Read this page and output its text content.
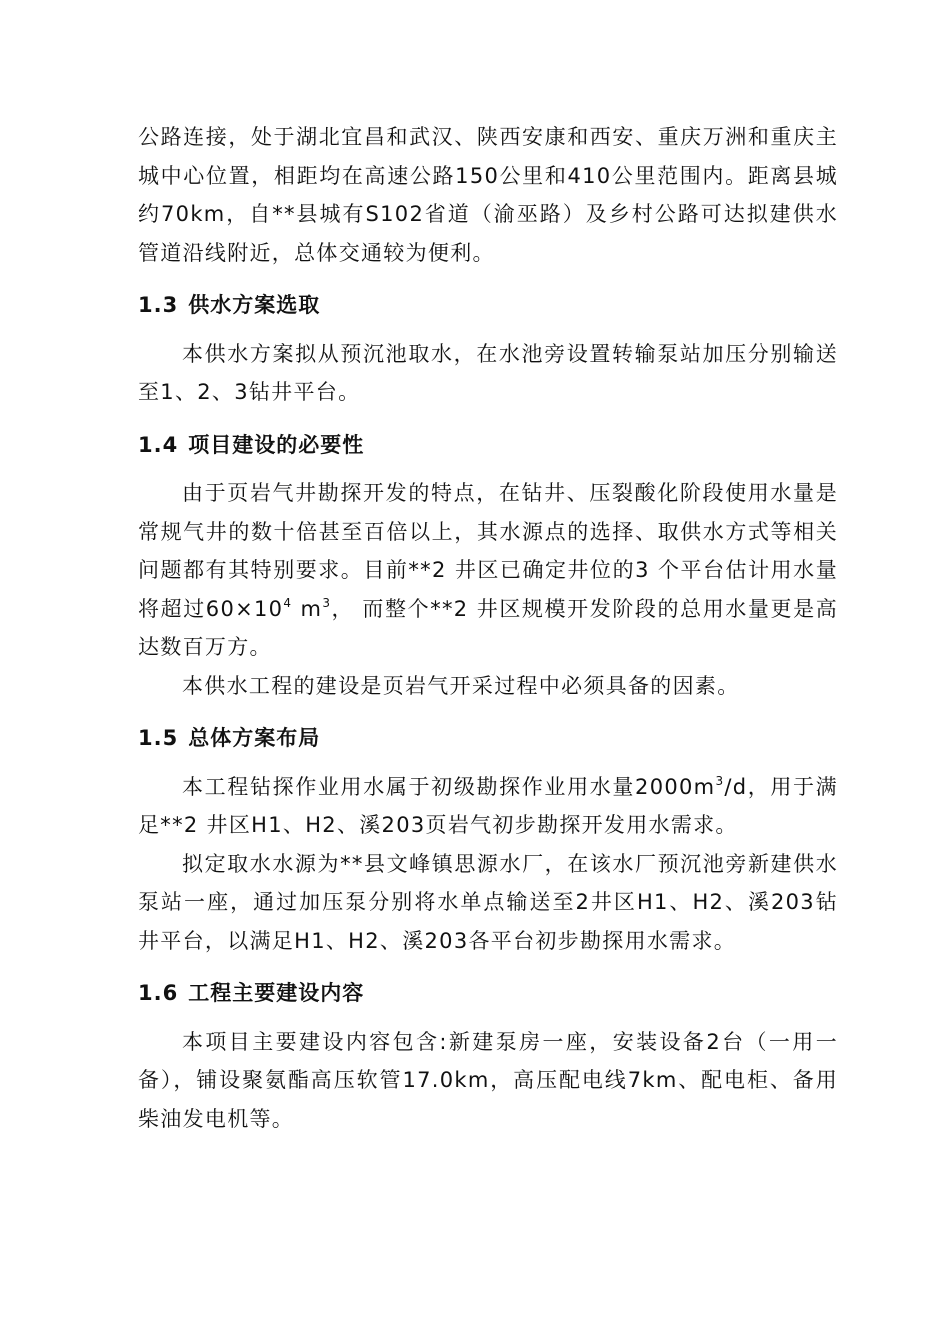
公路连接，处于湖北宜昌和武汉、陕西安康和西安、重庆万洲和重庆主城中心位置，相距均在高速公路150公里和410公里范围内。距离县城约70km，自**县城有S102省道（渝巫路）及乡村公路可达拟建供水管道沿线附近，总体交通较为便利。

1.3 供水方案选取

本供水方案拟从预沉池取水，在水池旁设置转输泵站加压分别输送至1、2、3钻井平台。

1.4 项目建设的必要性

由于页岩气井勘探开发的特点，在钻井、压裂酸化阶段使用水量是常规气井的数十倍甚至百倍以上，其水源点的选择、取供水方式等相关问题都有其特别要求。目前**2 井区已确定井位的3 个平台估计用水量将超过$60\times 10^4$ $m^3$， 而整个**2 井区规模开发阶段的总用水量更是高达数百万方。

本供水工程的建设是页岩气开采过程中必须具备的因素。

1.5 总体方案布局

本工程钻探作业用水属于初级勘探作业用水量$2000m^3/d$，用于满足**2 井区H1、H2、溪203页岩气初步勘探开发用水需求。

拟定取水水源为**县文峰镇思源水厂，在该水厂预沉池旁新建供水泵站一座，通过加压泵分别将水单点输送至2井区H1、H2、溪203钻井平台，以满足H1、H2、溪203各平台初步勘探用水需求。

1.6 工程主要建设内容

本项目主要建设内容包含:新建泵房一座，安装设备2台（一用一备），铺设聚氨酯高压软管17.0km，高压配电线7km、配电柜、备用柴油发电机等。
